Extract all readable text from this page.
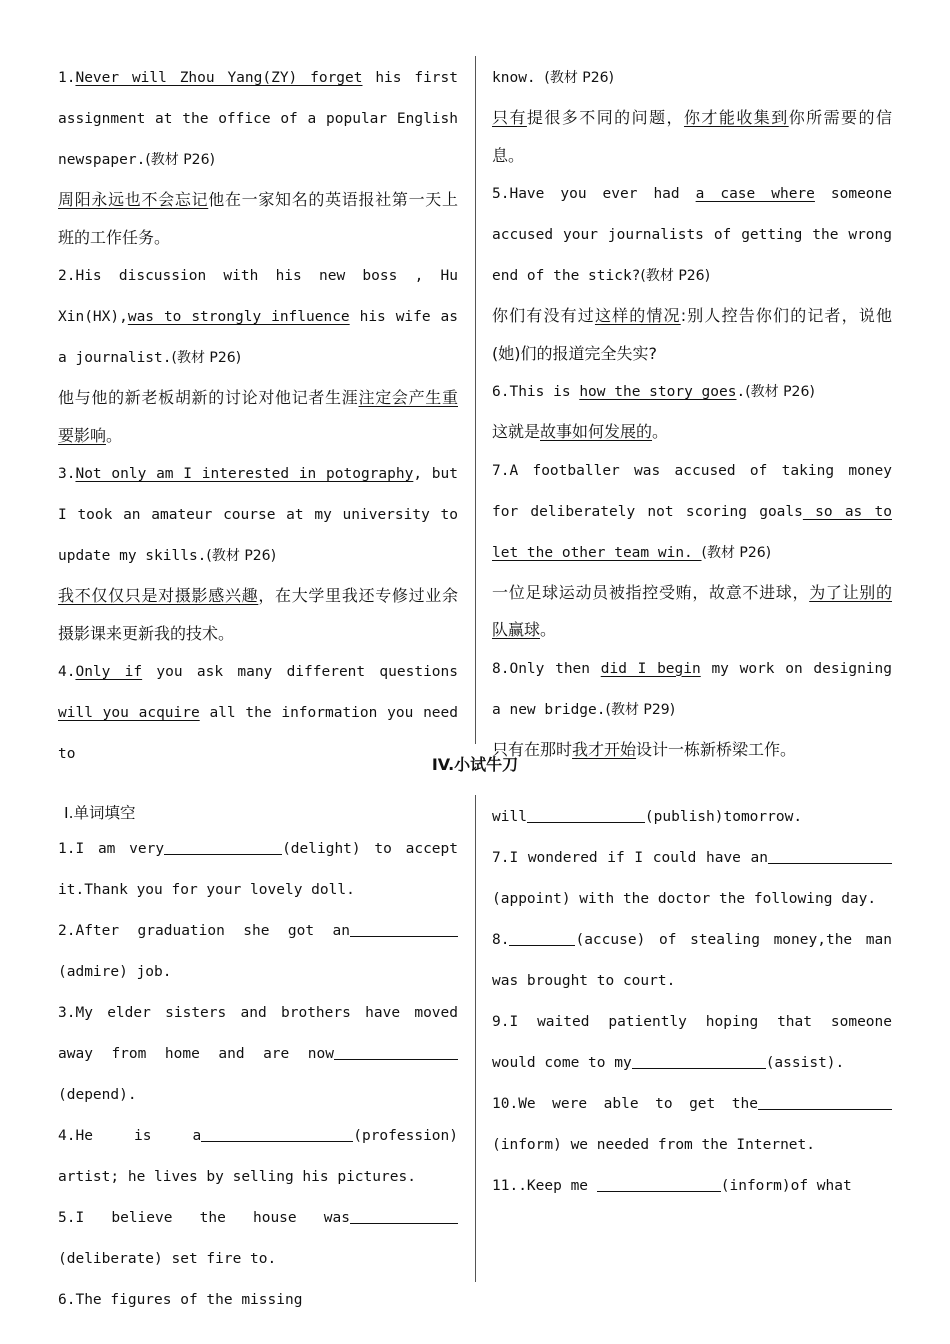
1.Never will Zhou Yang(ZY) forget his first assignment at the office of a popular English newspaper.(教材 P26)

周阳永远也不会忘记他在一家知名的英语报社第一天上班的工作任务。

2.His discussion with his new boss , Hu Xin(HX),was to strongly influence his wife as a journalist.(教材 P26)

他与他的新老板胡新的讨论对他记者生涯注定会产生重要影响。

3.Not only am I interested in potography, but I took an amateur course at my university to update my skills.(教材 P26)

我不仅仅只是对摄影感兴趣，在大学里我还专修过业余摄影课来更新我的技术。

4.Only if you ask many different questions will you acquire all the information you need to

know. (教材 P26)

只有提很多不同的问题，你才能收集到你所需要的信息。

5.Have you ever had a case where someone accused your journalists of getting the wrong end of the stick?(教材 P26)

你们有没有过这样的情况:别人控告你们的记者，说他(她)们的报道完全失实?

6.This is how the story goes.(教材 P26)

这就是故事如何发展的。

7.A footballer was accused of taking money for deliberately not scoring goals so as to let the other team win. (教材 P26)

一位足球运动员被指控受贿，故意不进球，为了让别的队赢球。

8.Only then did I begin my work on designing a new bridge.(教材 P29)

只有在那时我才开始设计一栋新桥梁工作。

IV.小试牛刀

Ⅰ.单词填空

1.I am very	(delight) to accept it.Thank you for your lovely doll.

2.After graduation she got an(admire) job.

3.My elder sisters and brothers have moved away from home and are now(depend).

4.He is a	(profession) artist; he lives by selling his pictures.

5.I believe the house was(deliberate) set fire to.

6.The figures of the missing

will	(publish)tomorrow.

7.I wondered if I could have an(appoint) with the doctor the following day.

8.	(accuse) of stealing money,the man was brought to court.

9.I waited patiently hoping that someone would come to my	(assist).

10.We were able to get the(inform) we needed from the Internet.

11..Keep me	(inform)of what
